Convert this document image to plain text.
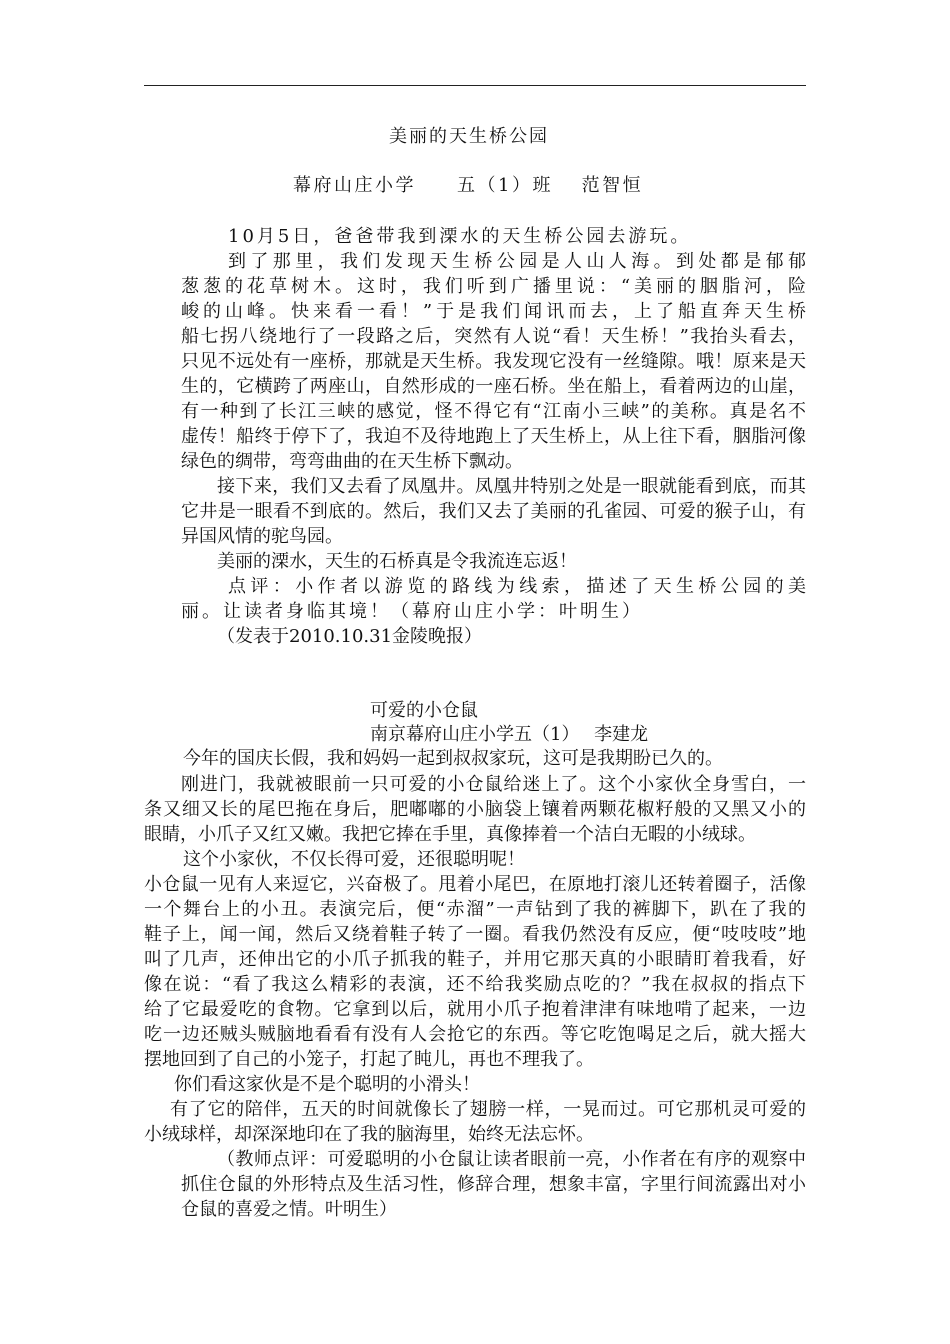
美丽的天生桥公园
幕府山庄小学　　五（1）班　 范智恒
10月5日，爸爸带我到溧水的天生桥公园去游玩。
到了那里，我们发现天生桥公园是人山人海。到处都是郁郁
葱葱的花草树木。这时，我们听到广播里说：“美丽的胭脂河，险
峻的山峰。快来看一看！”于是我们闻讯而去，上了船直奔天生桥
船七拐八绕地行了一段路之后，突然有人说“看！天生桥！”我抬头看去，
只见不远处有一座桥，那就是天生桥。我发现它没有一丝缝隙。哦！原来是天
生的，它横跨了两座山，自然形成的一座石桥。坐在船上，看着两边的山崖，
有一种到了长江三峡的感觉，怪不得它有“江南小三峡”的美称。真是名不
虚传！船终于停下了，我迫不及待地跑上了天生桥上，从上往下看，胭脂河像
绿色的绸带，弯弯曲曲的在天生桥下飘动。
接下来，我们又去看了凤凰井。凤凰井特别之处是一眼就能看到底，而其
它井是一眼看不到底的。然后，我们又去了美丽的孔雀园、可爱的猴子山，有
异国风情的驼鸟园。
美丽的溧水，天生的石桥真是令我流连忘返！
点评：小作者以游览的路线为线索，描述了天生桥公园的美
丽。让读者身临其境！（幕府山庄小学：叶明生）
（发表于2010.10.31金陵晚报）
可爱的小仓鼠
南京幕府山庄小学五（1）　 李建龙
今年的国庆长假，我和妈妈一起到叔叔家玩，这可是我期盼已久的。
刚进门，我就被眼前一只可爱的小仓鼠给迷上了。这个小家伙全身雪白，一
条又细又长的尾巴拖在身后，肥嘟嘟的小脑袋上镶着两颗花椒籽般的又黑又小的
眼睛，小爪子又红又嫩。我把它捧在手里，真像捧着一个洁白无暇的小绒球。
这个小家伙，不仅长得可爱，还很聪明呢！
小仓鼠一见有人来逗它，兴奋极了。甩着小尾巴，在原地打滚儿还转着圈子，活像
一个舞台上的小丑。表演完后，便“赤溜”一声钻到了我的裤脚下，趴在了我的
鞋子上，闻一闻，然后又绕着鞋子转了一圈。看我仍然没有反应，便“吱吱吱”地
叫了几声，还伸出它的小爪子抓我的鞋子，并用它那天真的小眼睛盯着我看，好
像在说：“看了我这么精彩的表演，还不给我奖励点吃的？”我在叔叔的指点下
给了它最爱吃的食物。它拿到以后，就用小爪子抱着津津有味地啃了起来，一边
吃一边还贼头贼脑地看看有没有人会抢它的东西。等它吃饱喝足之后，就大摇大
摆地回到了自己的小笼子，打起了盹儿，再也不理我了。
你们看这家伙是不是个聪明的小滑头！
有了它的陪伴，五天的时间就像长了翅膀一样，一晃而过。可它那机灵可爱的
小绒球样，却深深地印在了我的脑海里，始终无法忘怀。
（教师点评：可爱聪明的小仓鼠让读者眼前一亮，小作者在有序的观察中
抓住仓鼠的外形特点及生活习性，修辞合理，想象丰富，字里行间流露出对小
仓鼠的喜爱之情。叶明生）
